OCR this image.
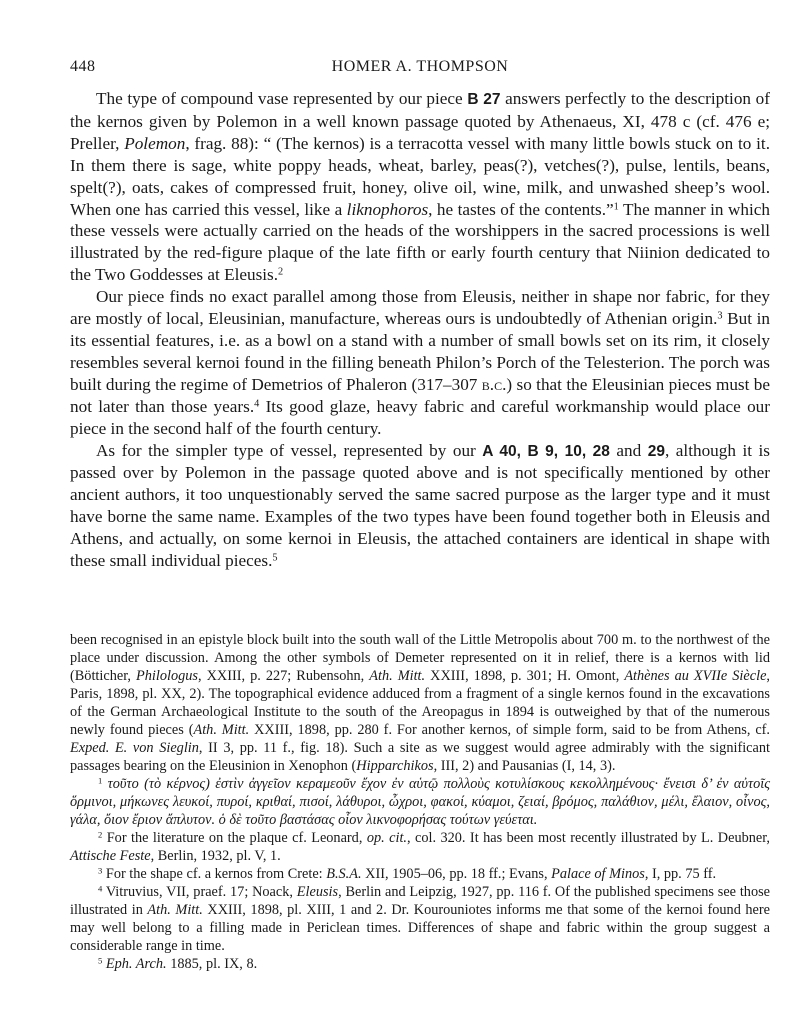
448	HOMER A. THOMPSON

The type of compound vase represented by our piece B 27 answers perfectly to the description of the kernos given by Polemon in a well known passage quoted by Athenaeus, XI, 478 c (cf. 476 e; Preller, Polemon, frag. 88): “ (The kernos) is a terracotta vessel with many little bowls stuck on to it. In them there is sage, white poppy heads, wheat, barley, peas(?), vetches(?), pulse, lentils, beans, spelt(?), oats, cakes of compressed fruit, honey, olive oil, wine, milk, and unwashed sheep’s wool. When one has carried this vessel, like a liknophoros, he tastes of the contents.”$^1$ The manner in which these vessels were actually carried on the heads of the worshippers in the sacred processions is well illustrated by the red-figure plaque of the late fifth or early fourth century that Niinion dedicated to the Two Goddesses at Eleusis.$^2$

Our piece finds no exact parallel among those from Eleusis, neither in shape nor fabric, for they are mostly of local, Eleusinian, manufacture, whereas ours is undoubtedly of Athenian origin.$^3$ But in its essential features, i.e. as a bowl on a stand with a number of small bowls set on its rim, it closely resembles several kernoi found in the filling beneath Philon’s Porch of the Telesterion. The porch was built during the regime of Demetrios of Phaleron (317–307 b.c.) so that the Eleusinian pieces must be not later than those years.$^4$ Its good glaze, heavy fabric and careful workmanship would place our piece in the second half of the fourth century.

As for the simpler type of vessel, represented by our A 40, B 9, 10, 28 and 29, although it is passed over by Polemon in the passage quoted above and is not specifically mentioned by other ancient authors, it too unquestionably served the same sacred purpose as the larger type and it must have borne the same name. Examples of the two types have been found together both in Eleusis and Athens, and actually, on some kernoi in Eleusis, the attached containers are identical in shape with these small individual pieces.$^5$

been recognised in an epistyle block built into the south wall of the Little Metropolis about 700 m. to the northwest of the place under discussion. Among the other symbols of Demeter represented on it in relief, there is a kernos with lid (Bötticher, Philologus, XXIII, p. 227; Rubensohn, Ath. Mitt. XXIII, 1898, p. 301; H. Omont, Athènes au XVIIe Siècle, Paris, 1898, pl. XX, 2). The topographical evidence adduced from a fragment of a single kernos found in the excavations of the German Archaeological Institute to the south of the Areopagus in 1894 is outweighed by that of the numerous newly found pieces (Ath. Mitt. XXIII, 1898, pp. 280 f. For another kernos, of simple form, said to be from Athens, cf. Exped. E. von Sieglin, II 3, pp. 11 f., fig. 18). Such a site as we suggest would agree admirably with the significant passages bearing on the Eleusinion in Xenophon (Hipparchikos, III, 2) and Pausanias (I, 14, 3).

$^1$ τοῦτο (τὸ κέρνος) ἐστὶν ἀγγεῖον κεραμεοῦν ἔχον ἐν αὑτῷ πολλοὺς κοτυλίσκους κεκολλημένους· ἔνεισι δ’ ἐν αὐτοῖς ὅρμινοι, μήκωνες λευκοί, πυροί, κριθαί, πισοί, λάθυροι, ὦχροι, φακοί, κύαμοι, ζειαί, βρόμος, παλάθιον, μέλι, ἔλαιον, οἶνος, γάλα, ὄιον ἔριον ἄπλυτον. ὁ δὲ τοῦτο βαστάσας οἷον λικνοφορήσας τούτων γεύεται.

$^2$ For the literature on the plaque cf. Leonard, op. cit., col. 320. It has been most recently illustrated by L. Deubner, Attische Feste, Berlin, 1932, pl. V, 1.

$^3$ For the shape cf. a kernos from Crete: B.S.A. XII, 1905–06, pp. 18 ff.; Evans, Palace of Minos, I, pp. 75 ff.

$^4$ Vitruvius, VII, praef. 17; Noack, Eleusis, Berlin and Leipzig, 1927, pp. 116 f. Of the published specimens see those illustrated in Ath. Mitt. XXIII, 1898, pl. XIII, 1 and 2. Dr. Kourouniotes informs me that some of the kernoi found here may well belong to a filling made in Periclean times. Differences of shape and fabric within the group suggest a considerable range in time.

$^5$ Eph. Arch. 1885, pl. IX, 8.
